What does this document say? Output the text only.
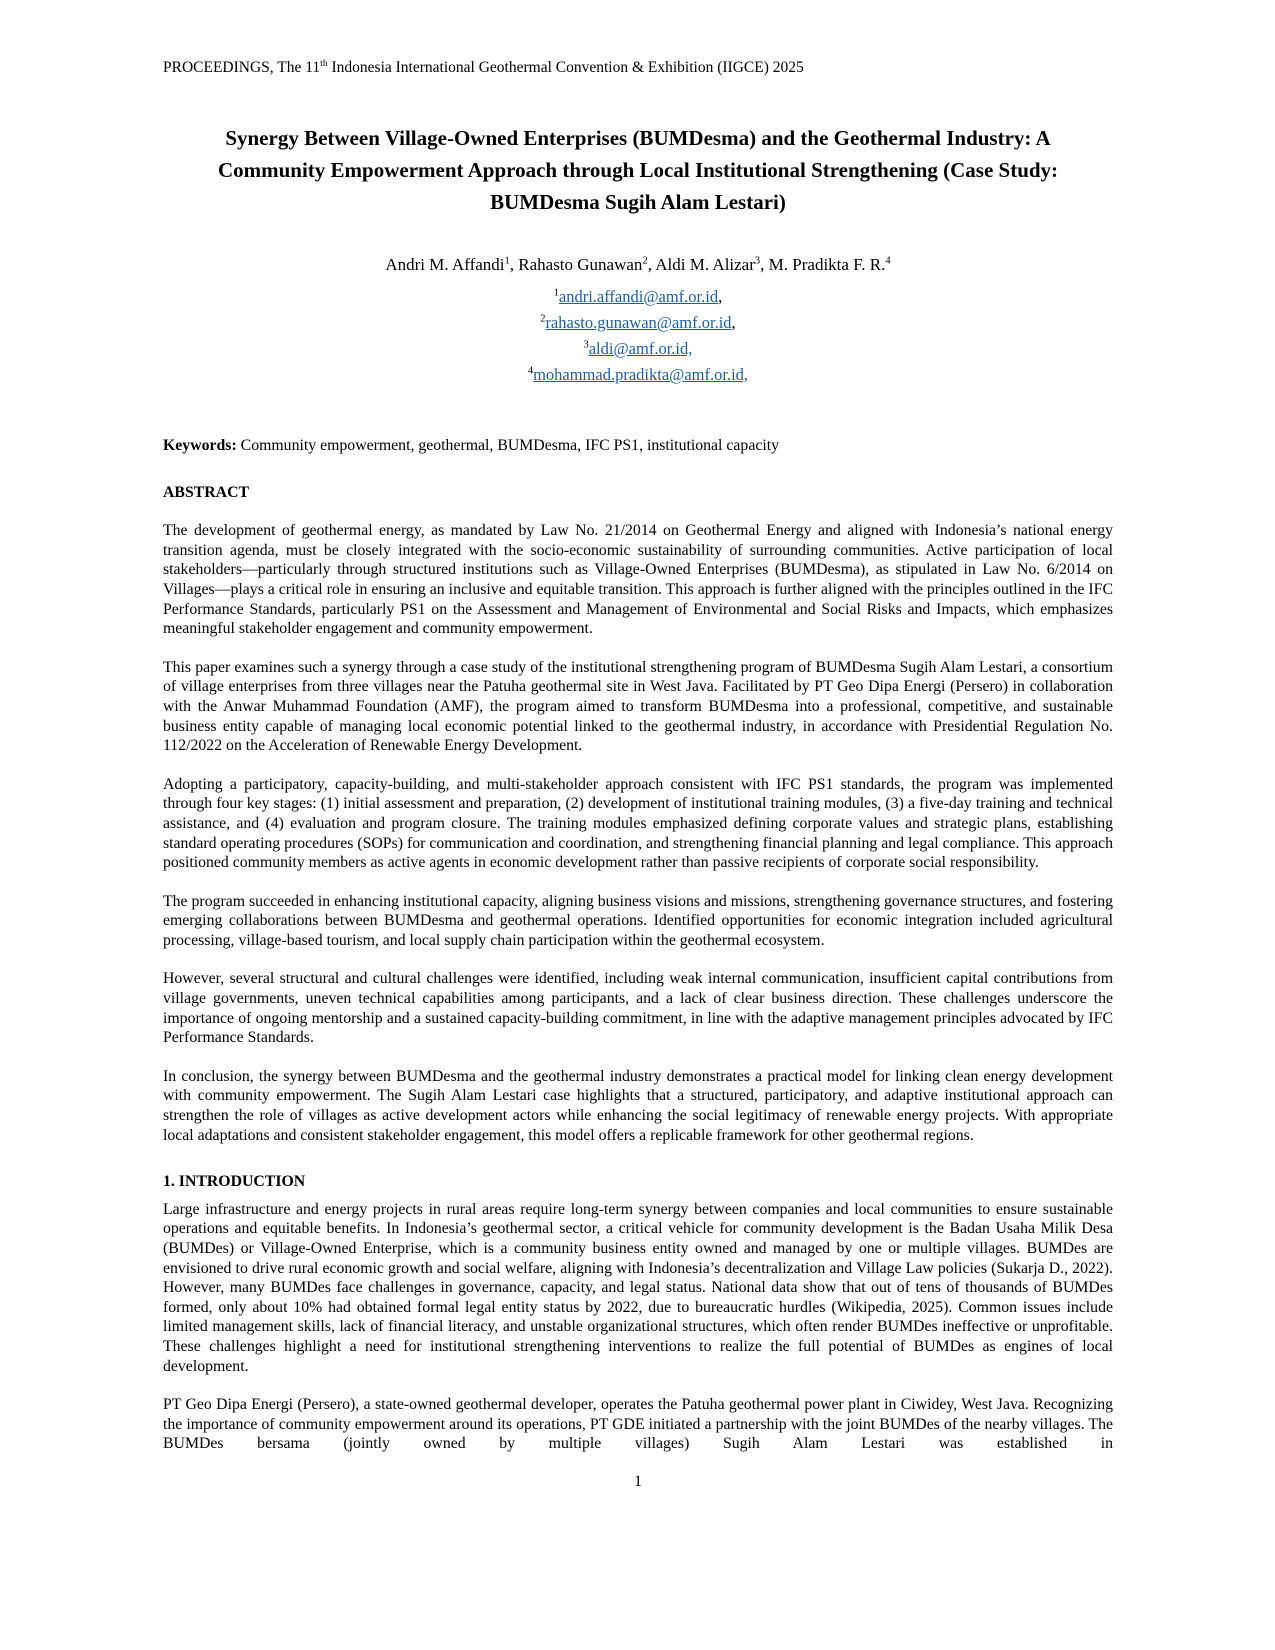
PROCEEDINGS, The 11th Indonesia International Geothermal Convention & Exhibition (IIGCE) 2025
Synergy Between Village-Owned Enterprises (BUMDesma) and the Geothermal Industry: A Community Empowerment Approach through Local Institutional Strengthening (Case Study: BUMDesma Sugih Alam Lestari)
Andri M. Affandi$^1$, Rahasto Gunawan$^2$, Aldi M. Alizar$^3$, M. Pradikta F. R.$^4$
$^1$andri.affandi@amf.or.id,
$^2$rahasto.gunawan@amf.or.id,
$^3$aldi@amf.or.id,
$^4$mohammad.pradikta@amf.or.id,

Keywords: Community empowerment, geothermal, BUMDesma, IFC PS1, institutional capacity

ABSTRACT

The development of geothermal energy, as mandated by Law No. 21/2014 on Geothermal Energy and aligned with Indonesia’s national energy transition agenda, must be closely integrated with the socio-economic sustainability of surrounding communities. Active participation of local stakeholders—particularly through structured institutions such as Village-Owned Enterprises (BUMDesma), as stipulated in Law No. 6/2014 on Villages—plays a critical role in ensuring an inclusive and equitable transition. This approach is further aligned with the principles outlined in the IFC Performance Standards, particularly PS1 on the Assessment and Management of Environmental and Social Risks and Impacts, which emphasizes meaningful stakeholder engagement and community empowerment.

This paper examines such a synergy through a case study of the institutional strengthening program of BUMDesma Sugih Alam Lestari, a consortium of village enterprises from three villages near the Patuha geothermal site in West Java. Facilitated by PT Geo Dipa Energi (Persero) in collaboration with the Anwar Muhammad Foundation (AMF), the program aimed to transform BUMDesma into a professional, competitive, and sustainable business entity capable of managing local economic potential linked to the geothermal industry, in accordance with Presidential Regulation No. 112/2022 on the Acceleration of Renewable Energy Development.

Adopting a participatory, capacity-building, and multi-stakeholder approach consistent with IFC PS1 standards, the program was implemented through four key stages: (1) initial assessment and preparation, (2) development of institutional training modules, (3) a five-day training and technical assistance, and (4) evaluation and program closure. The training modules emphasized defining corporate values and strategic plans, establishing standard operating procedures (SOPs) for communication and coordination, and strengthening financial planning and legal compliance. This approach positioned community members as active agents in economic development rather than passive recipients of corporate social responsibility.

The program succeeded in enhancing institutional capacity, aligning business visions and missions, strengthening governance structures, and fostering emerging collaborations between BUMDesma and geothermal operations. Identified opportunities for economic integration included agricultural processing, village-based tourism, and local supply chain participation within the geothermal ecosystem.

However, several structural and cultural challenges were identified, including weak internal communication, insufficient capital contributions from village governments, uneven technical capabilities among participants, and a lack of clear business direction. These challenges underscore the importance of ongoing mentorship and a sustained capacity-building commitment, in line with the adaptive management principles advocated by IFC Performance Standards.

In conclusion, the synergy between BUMDesma and the geothermal industry demonstrates a practical model for linking clean energy development with community empowerment. The Sugih Alam Lestari case highlights that a structured, participatory, and adaptive institutional approach can strengthen the role of villages as active development actors while enhancing the social legitimacy of renewable energy projects. With appropriate local adaptations and consistent stakeholder engagement, this model offers a replicable framework for other geothermal regions.

1. INTRODUCTION

Large infrastructure and energy projects in rural areas require long-term synergy between companies and local communities to ensure sustainable operations and equitable benefits. In Indonesia’s geothermal sector, a critical vehicle for community development is the Badan Usaha Milik Desa (BUMDes) or Village-Owned Enterprise, which is a community business entity owned and managed by one or multiple villages. BUMDes are envisioned to drive rural economic growth and social welfare, aligning with Indonesia’s decentralization and Village Law policies (Sukarja D., 2022). However, many BUMDes face challenges in governance, capacity, and legal status. National data show that out of tens of thousands of BUMDes formed, only about 10% had obtained formal legal entity status by 2022, due to bureaucratic hurdles (Wikipedia, 2025). Common issues include limited management skills, lack of financial literacy, and unstable organizational structures, which often render BUMDes ineffective or unprofitable. These challenges highlight a need for institutional strengthening interventions to realize the full potential of BUMDes as engines of local development.

PT Geo Dipa Energi (Persero), a state-owned geothermal developer, operates the Patuha geothermal power plant in Ciwidey, West Java. Recognizing the importance of community empowerment around its operations, PT GDE initiated a partnership with the joint BUMDes of the nearby villages. The BUMDes bersama (jointly owned by multiple villages) Sugih Alam Lestari was established in

1
